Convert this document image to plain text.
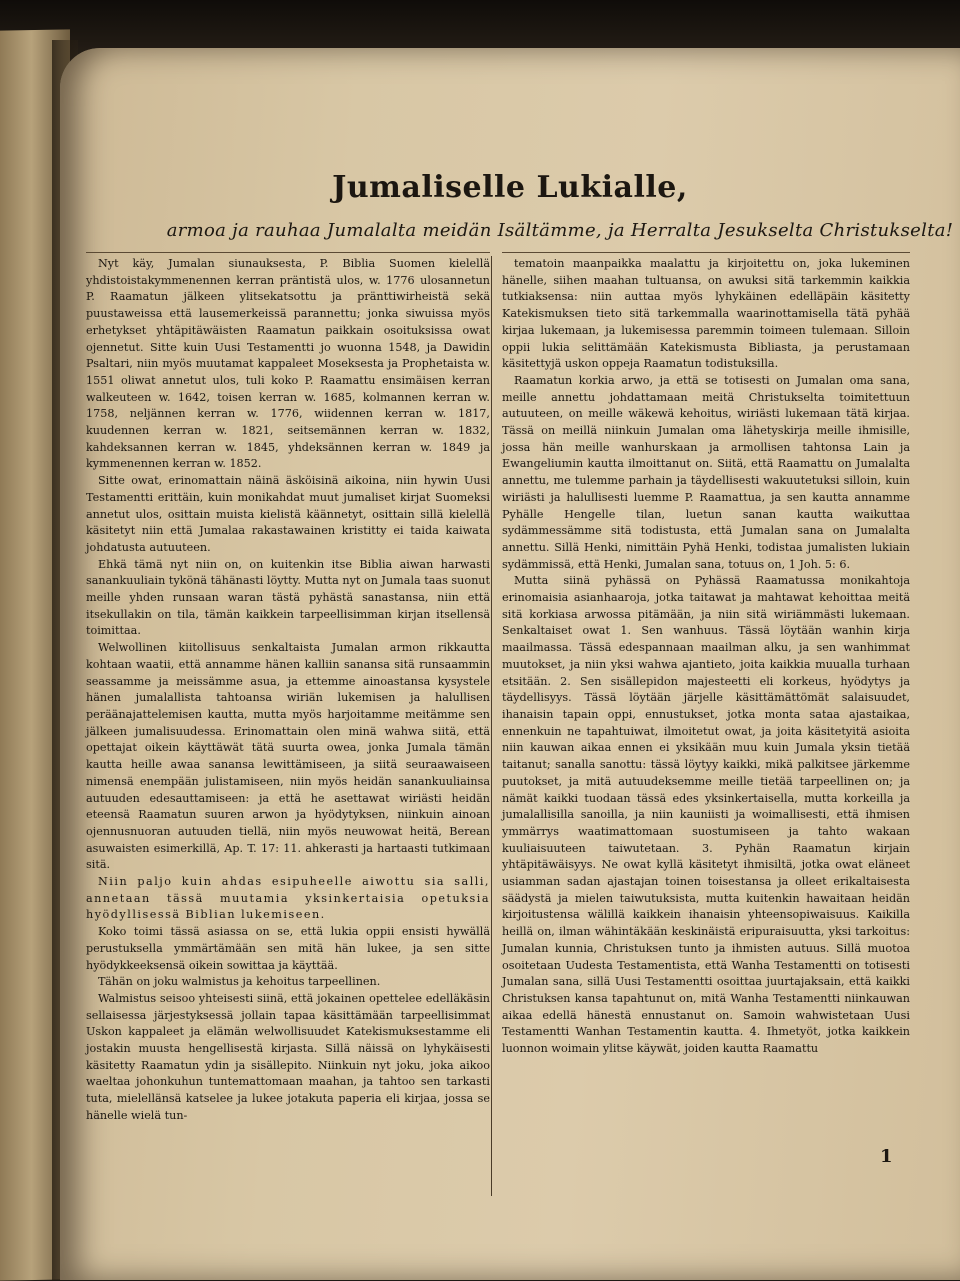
Jumaliselle Lukialle,
armoa ja rauhaa Jumalalta meidän Isältämme, ja Herralta Jesukselta Christukselta!

Nyt käy, Jumalan siunauksesta, P. Biblia Suomen kielellä yhdistoistakymmenennen kerran präntistä ulos, w. 1776 ulosannetun P. Raamatun jälkeen ylitsekatsottu ja pränttiwirheistä sekä puustaweissa että lausemerkeissä parannettu; jonka siwuissa myös erhetykset yhtäpitäwäisten Raamatun paikkain osoituksissa owat ojennetut. Sitte kuin Uusi Testamentti jo wuonna 1548, ja Dawidin Psaltari, niin myös muutamat kappaleet Moseksesta ja Prophetaista w. 1551 oliwat annetut ulos, tuli koko P. Raamattu ensimäisen kerran walkeuteen w. 1642, toisen kerran w. 1685, kolmannen kerran w. 1758, neljännen kerran w. 1776, wiidennen kerran w. 1817, kuudennen kerran w. 1821, seitsemännen kerran w. 1832, kahdeksannen kerran w. 1845, yhdeksännen kerran w. 1849 ja kymmenennen kerran w. 1852.

Sitte owat, erinomattain näinä äsköisinä aikoina, niin hywin Uusi Testamentti erittäin, kuin monikahdat muut jumaliset kirjat Suomeksi annetut ulos, osittain muista kielistä käännetyt, osittain sillä kielellä käsitetyt niin että Jumalaa rakastawainen kristitty ei taida kaiwata johdatusta autuuteen.

Ehkä tämä nyt niin on, on kuitenkin itse Biblia aiwan harwasti sanankuuliain tykönä tähänasti löytty. Mutta nyt on Jumala taas suonut meille yhden runsaan waran tästä pyhästä sanastansa, niin että itsekullakin on tila, tämän kaikkein tarpeellisimman kirjan itsellensä toimittaa.

Welwollinen kiitollisuus senkaltaista Jumalan armon rikkautta kohtaan waatii, että annamme hänen kalliin sanansa sitä runsaammin seassamme ja meissämme asua, ja ettemme ainoastansa kysystele hänen jumalallista tahtoansa wiriän lukemisen ja halullisen peräänajattelemisen kautta, mutta myös harjoitamme meitämme sen jälkeen jumalisuudessa. Erinomattain olen minä wahwa siitä, että opettajat oikein käyttäwät tätä suurta owea, jonka Jumala tämän kautta heille awaa sanansa lewittämiseen, ja siitä seuraawaiseen nimensä enempään julistamiseen, niin myös heidän sanankuuliainsa autuuden edesauttamiseen: ja että he asettawat wiriästi heidän eteensä Raamatun suuren arwon ja hyödytyksen, niinkuin ainoan ojennusnuoran autuuden tiellä, niin myös neuwowat heitä, Berean asuwaisten esimerkillä, Ap. T. 17: 11. ahkerasti ja hartaasti tutkimaan sitä.

Niin paljo kuin ahdas esipuheelle aiwottu sia salli, annetaan tässä muutamia yksinkertaisia opetuksia hyödyllisessä Biblian lukemiseen.

Koko toimi tässä asiassa on se, että lukia oppii ensisti hywällä perustuksella ymmärtämään sen mitä hän lukee, ja sen sitte hyödykkeeksensä oikein sowittaa ja käyttää.

Tähän on joku walmistus ja kehoitus tarpeellinen.

Walmistus seisoo yhteisesti siinä, että jokainen opettelee edelläkäsin sellaisessa järjestyksessä jollain tapaa käsittämään tarpeellisimmat Uskon kappaleet ja elämän welwollisuudet Katekismuksestamme eli jostakin muusta hengellisestä kirjasta. Sillä näissä on lyhykäisesti käsitetty Raamatun ydin ja sisällepito. Niinkuin nyt joku, joka aikoo waeltaa johonkuhun tuntemattomaan maahan, ja tahtoo sen tarkasti tuta, mielellänsä katselee ja lukee jotakuta paperia eli kirjaa, jossa se hänelle wielä tun-

tematoin maanpaikka maalattu ja kirjoitettu on, joka lukeminen hänelle, siihen maahan tultuansa, on awuksi sitä tarkemmin kaikkia tutkiaksensa: niin auttaa myös lyhykäinen edelläpäin käsitetty Katekismuksen tieto sitä tarkemmalla waarinottamisella tätä pyhää kirjaa lukemaan, ja lukemisessa paremmin toimeen tulemaan. Silloin oppii lukia selittämään Katekismusta Bibliasta, ja perustamaan käsitettyjä uskon oppeja Raamatun todistuksilla.

Raamatun korkia arwo, ja että se totisesti on Jumalan oma sana, meille annettu johdattamaan meitä Christukselta toimitettuun autuuteen, on meille wäkewä kehoitus, wiriästi lukemaan tätä kirjaa. Tässä on meillä niinkuin Jumalan oma lähetyskirja meille ihmisille, jossa hän meille wanhurskaan ja armollisen tahtonsa Lain ja Ewangeliumin kautta ilmoittanut on. Siitä, että Raamattu on Jumalalta annettu, me tulemme parhain ja täydellisesti wakuutetuksi silloin, kuin wiriästi ja halullisesti luemme P. Raamattua, ja sen kautta annamme Pyhälle Hengelle tilan, luetun sanan kautta waikuttaa sydämmessämme sitä todistusta, että Jumalan sana on Jumalalta annettu. Sillä Henki, nimittäin Pyhä Henki, todistaa jumalisten lukiain sydämmissä, että Henki, Jumalan sana, totuus on, 1 Joh. 5: 6.

Mutta siinä pyhässä on Pyhässä Raamatussa monikahtoja erinomaisia asianhaaroja, jotka taitawat ja mahtawat kehoittaa meitä sitä korkiasa arwossa pitämään, ja niin sitä wiriämmästi lukemaan. Senkaltaiset owat 1. Sen wanhuus. Tässä löytään wanhin kirja maailmassa. Tässä edespannaan maailman alku, ja sen wanhimmat muutokset, ja niin yksi wahwa ajantieto, joita kaikkia muualla turhaan etsitään. 2. Sen sisällepidon majesteetti eli korkeus, hyödytys ja täydellisyys. Tässä löytään järjelle käsittämättömät salaisuudet, ihanaisin tapain oppi, ennustukset, jotka monta sataa ajastaikaa, ennenkuin ne tapahtuiwat, ilmoitetut owat, ja joita käsitetyitä asioita niin kauwan aikaa ennen ei yksikään muu kuin Jumala yksin tietää taitanut; sanalla sanottu: tässä löytyy kaikki, mikä palkitsee järkemme puutokset, ja mitä autuudeksemme meille tietää tarpeellinen on; ja nämät kaikki tuodaan tässä edes yksinkertaisella, mutta korkeilla ja jumalallisilla sanoilla, ja niin kauniisti ja woimallisesti, että ihmisen ymmärrys waatimattomaan suostumiseen ja tahto wakaan kuuliaisuuteen taiwutetaan. 3. Pyhän Raamatun kirjain yhtäpitäwäisyys. Ne owat kyllä käsitetyt ihmisiltä, jotka owat eläneet usiamman sadan ajastajan toinen toisestansa ja olleet erikaltaisesta säädystä ja mielen taiwutuksista, mutta kuitenkin hawaitaan heidän kirjoitustensa wälillä kaikkein ihanaisin yhteensopiwaisuus. Kaikilla heillä on, ilman wähintäkään keskinäistä eripuraisuutta, yksi tarkoitus: Jumalan kunnia, Christuksen tunto ja ihmisten autuus. Sillä muotoa osoitetaan Uudesta Testamentista, että Wanha Testamentti on totisesti Jumalan sana, sillä Uusi Testamentti osoittaa juurtajaksain, että kaikki Christuksen kansa tapahtunut on, mitä Wanha Testamentti niinkauwan aikaa edellä hänestä ennustanut on. Samoin wahwistetaan Uusi Testamentti Wanhan Testamentin kautta. 4. Ihmetyöt, jotka kaikkein luonnon woimain ylitse käywät, joiden kautta Raamattu

1
